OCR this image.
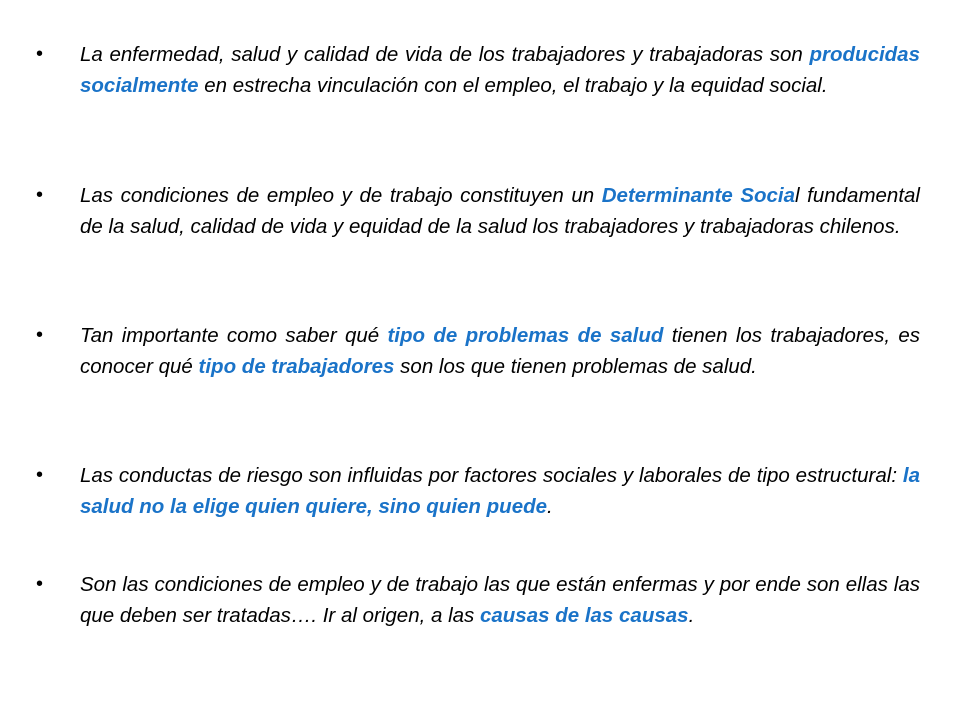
• La enfermedad, salud y calidad de vida de los trabajadores y trabajadoras son producidas socialmente en estrecha vinculación con el empleo, el trabajo y la equidad social.
• Las condiciones de empleo y de trabajo constituyen un Determinante Social fundamental de la salud, calidad de vida y equidad de la salud los trabajadores y trabajadoras chilenos.
• Tan importante como saber qué tipo de problemas de salud tienen los trabajadores, es conocer qué tipo de trabajadores son los que tienen problemas de salud.
• Las conductas de riesgo son influidas por factores sociales y laborales de tipo estructural: la salud no la elige quien quiere, sino quien puede.
• Son las condiciones de empleo y de trabajo las que están enfermas y por ende son ellas las que deben ser tratadas…. Ir al origen, a las causas de las causas.
